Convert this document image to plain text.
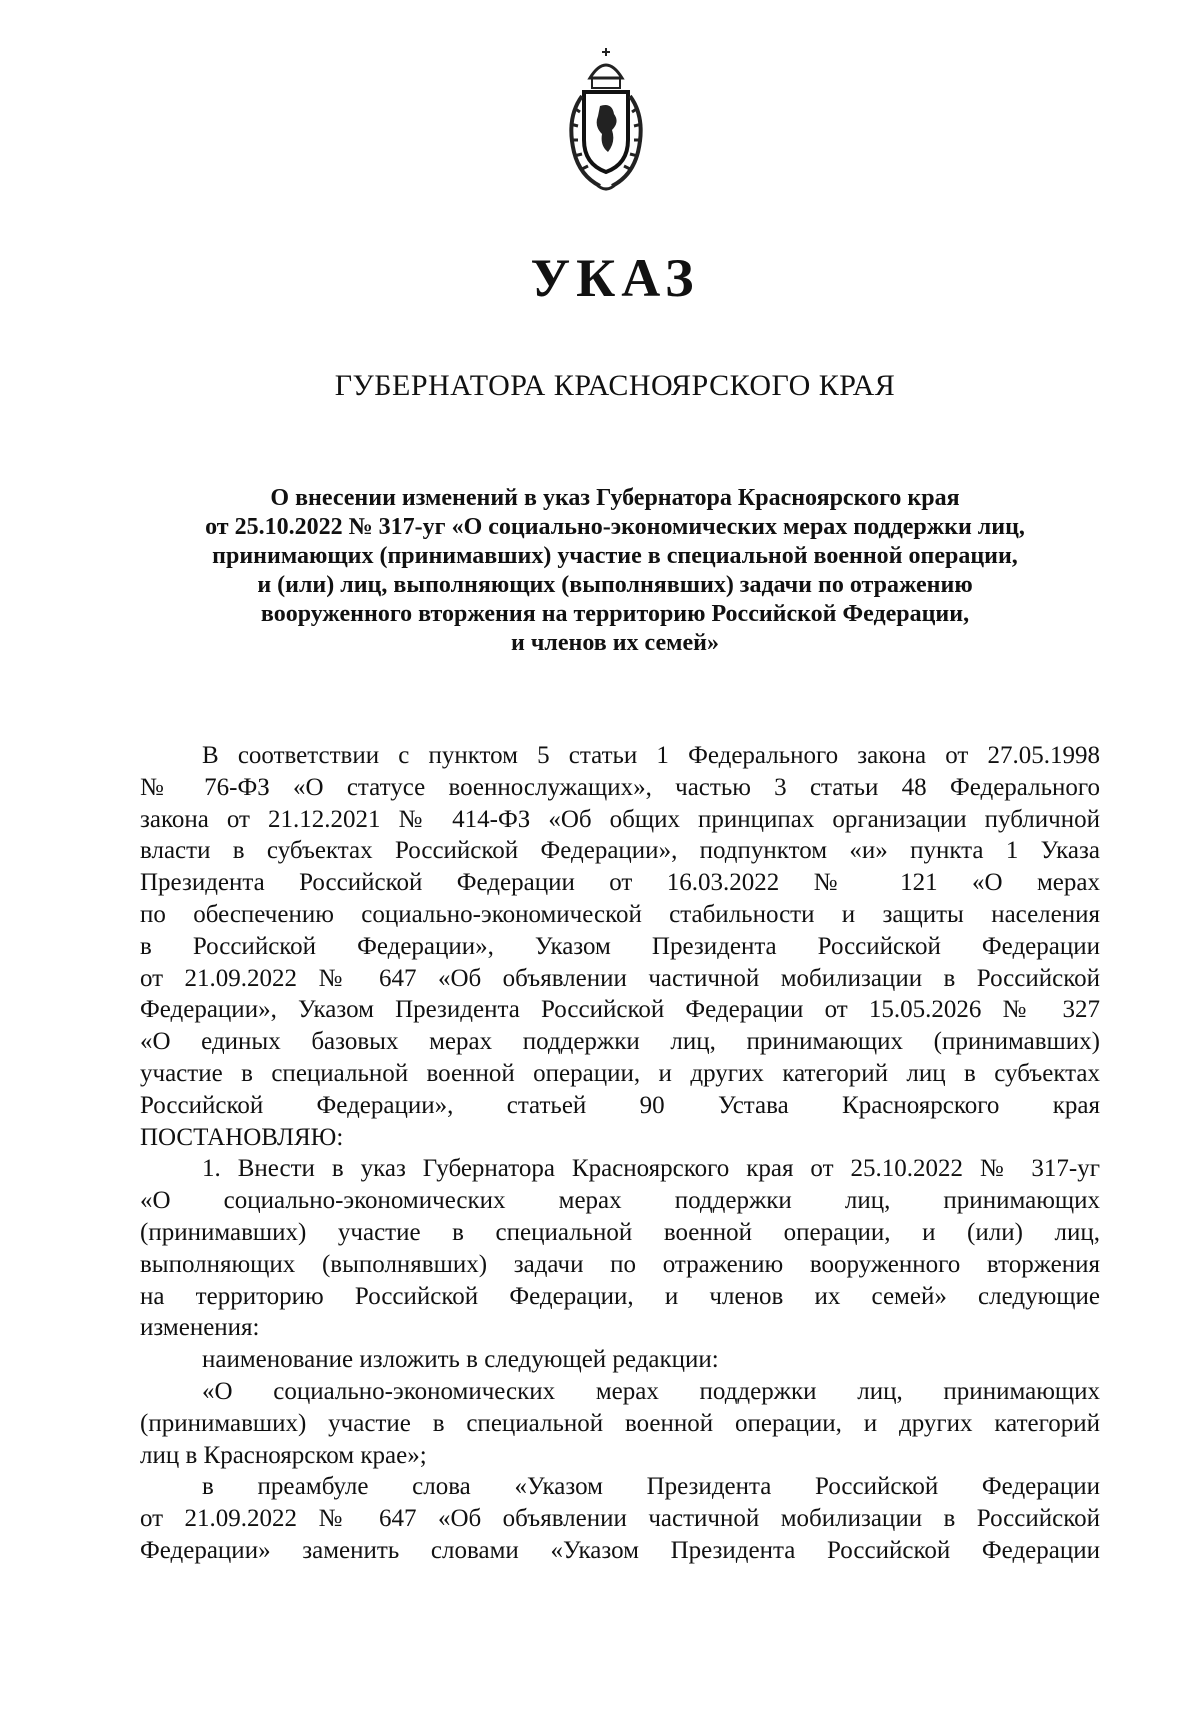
УКАЗ
ГУБЕРНАТОРА КРАСНОЯРСКОГО КРАЯ
О внесении изменений в указ Губернатора Красноярского края
от 25.10.2022 № 317-уг «О социально-экономических мерах поддержки лиц,
принимающих (принимавших) участие в специальной военной операции,
и (или) лиц, выполняющих (выполнявших) задачи по отражению
вооруженного вторжения на территорию Российской Федерации,
и членов их семей»
В соответствии с пунктом 5 статьи 1 Федерального закона от 27.05.1998
№ 76-ФЗ «О статусе военнослужащих», частью 3 статьи 48 Федерального
закона от 21.12.2021 № 414-ФЗ «Об общих принципах организации публичной
власти в субъектах Российской Федерации», подпунктом «и» пункта 1 Указа
Президента Российской Федерации от 16.03.2022 № 121 «О мерах
по обеспечению социально-экономической стабильности и защиты населения
в Российской Федерации», Указом Президента Российской Федерации
от 21.09.2022 № 647 «Об объявлении частичной мобилизации в Российской
Федерации», Указом Президента Российской Федерации от 15.05.2026 № 327
«О единых базовых мерах поддержки лиц, принимающих (принимавших)
участие в специальной военной операции, и других категорий лиц в субъектах
Российской Федерации», статьей 90 Устава Красноярского края
ПОСТАНОВЛЯЮ:
1. Внести в указ Губернатора Красноярского края от 25.10.2022 № 317-уг
«О социально-экономических мерах поддержки лиц, принимающих
(принимавших) участие в специальной военной операции, и (или) лиц,
выполняющих (выполнявших) задачи по отражению вооруженного вторжения
на территорию Российской Федерации, и членов их семей» следующие
изменения:
наименование изложить в следующей редакции:
«О социально-экономических мерах поддержки лиц, принимающих
(принимавших) участие в специальной военной операции, и других категорий
лиц в Красноярском крае»;
в преамбуле слова «Указом Президента Российской Федерации
от 21.09.2022 № 647 «Об объявлении частичной мобилизации в Российской
Федерации» заменить словами «Указом Президента Российской Федерации
